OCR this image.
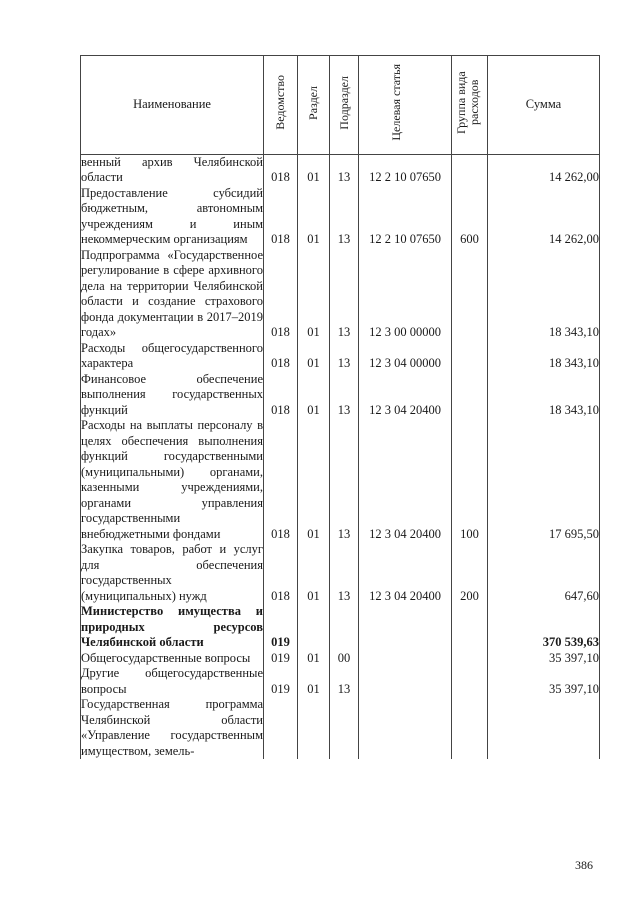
Наименование	Ведомство	Раздел	Подраздел	Целевая статья	Группа вида расходов	Сумма
венный архив Челябинской области	018	01	13	12 2 10 07650		14 262,00
Предоставление субсидий бюджетным, автономным учреждениям и иным некоммерческим организациям	018	01	13	12 2 10 07650	600	14 262,00
Подпрограмма «Государственное регулирование в сфере архивного дела на территории Челябинской области и создание страхового фонда документации в 2017–2019 годах»	018	01	13	12 3 00 00000		18 343,10
Расходы общегосударственного характера	018	01	13	12 3 04 00000		18 343,10
Финансовое обеспечение выполнения государственных функций	018	01	13	12 3 04 20400		18 343,10
Расходы на выплаты персоналу в целях обеспечения выполнения функций государственными (муниципальными) органами, казенными учреждениями, органами управления государственными внебюджетными фондами	018	01	13	12 3 04 20400	100	17 695,50
Закупка товаров, работ и услуг для обеспечения государственных (муниципальных) нужд	018	01	13	12 3 04 20400	200	647,60
Министерство имущества и природных ресурсов Челябинской области	019					370 539,63
Общегосударственные вопросы	019	01	00			35 397,10
Другие общегосударственные вопросы	019	01	13			35 397,10
Государственная программа Челябинской области «Управление государственным имуществом, земель-						
386
